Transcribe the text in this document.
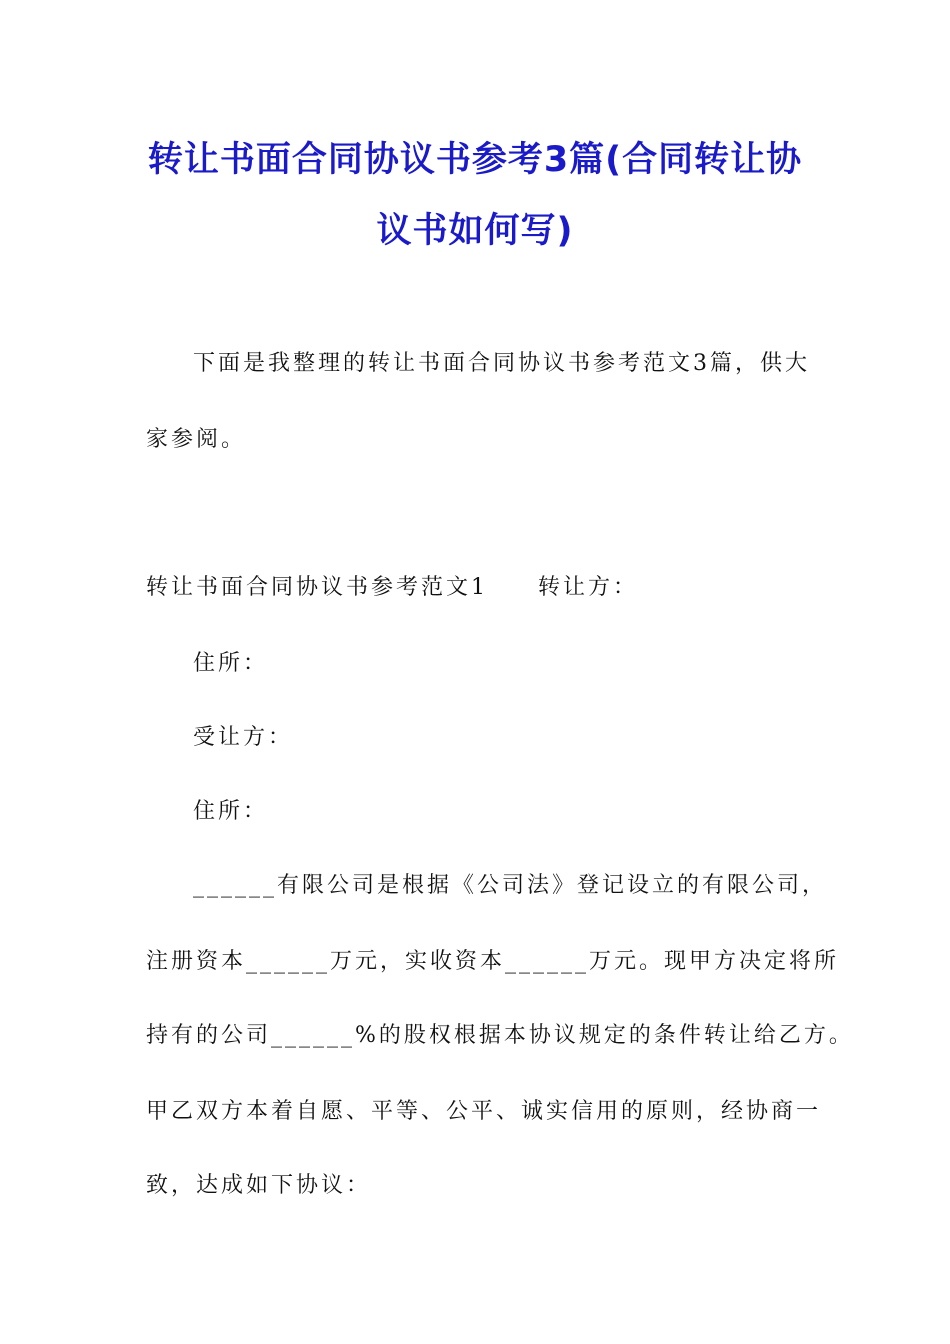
转让书面合同协议书参考3篇(合同转让协
议书如何写)

下面是我整理的转让书面合同协议书参考范文3篇，供大

家参阅。

转让书面合同协议书参考范文1 转让方：

住所：

受让方：

住所：

______有限公司是根据《公司法》登记设立的有限公司，

注册资本______万元，实收资本______万元。现甲方决定将所

持有的公司______%的股权根据本协议规定的条件转让给乙方。

甲乙双方本着自愿、平等、公平、诚实信用的原则，经协商一

致，达成如下协议：
